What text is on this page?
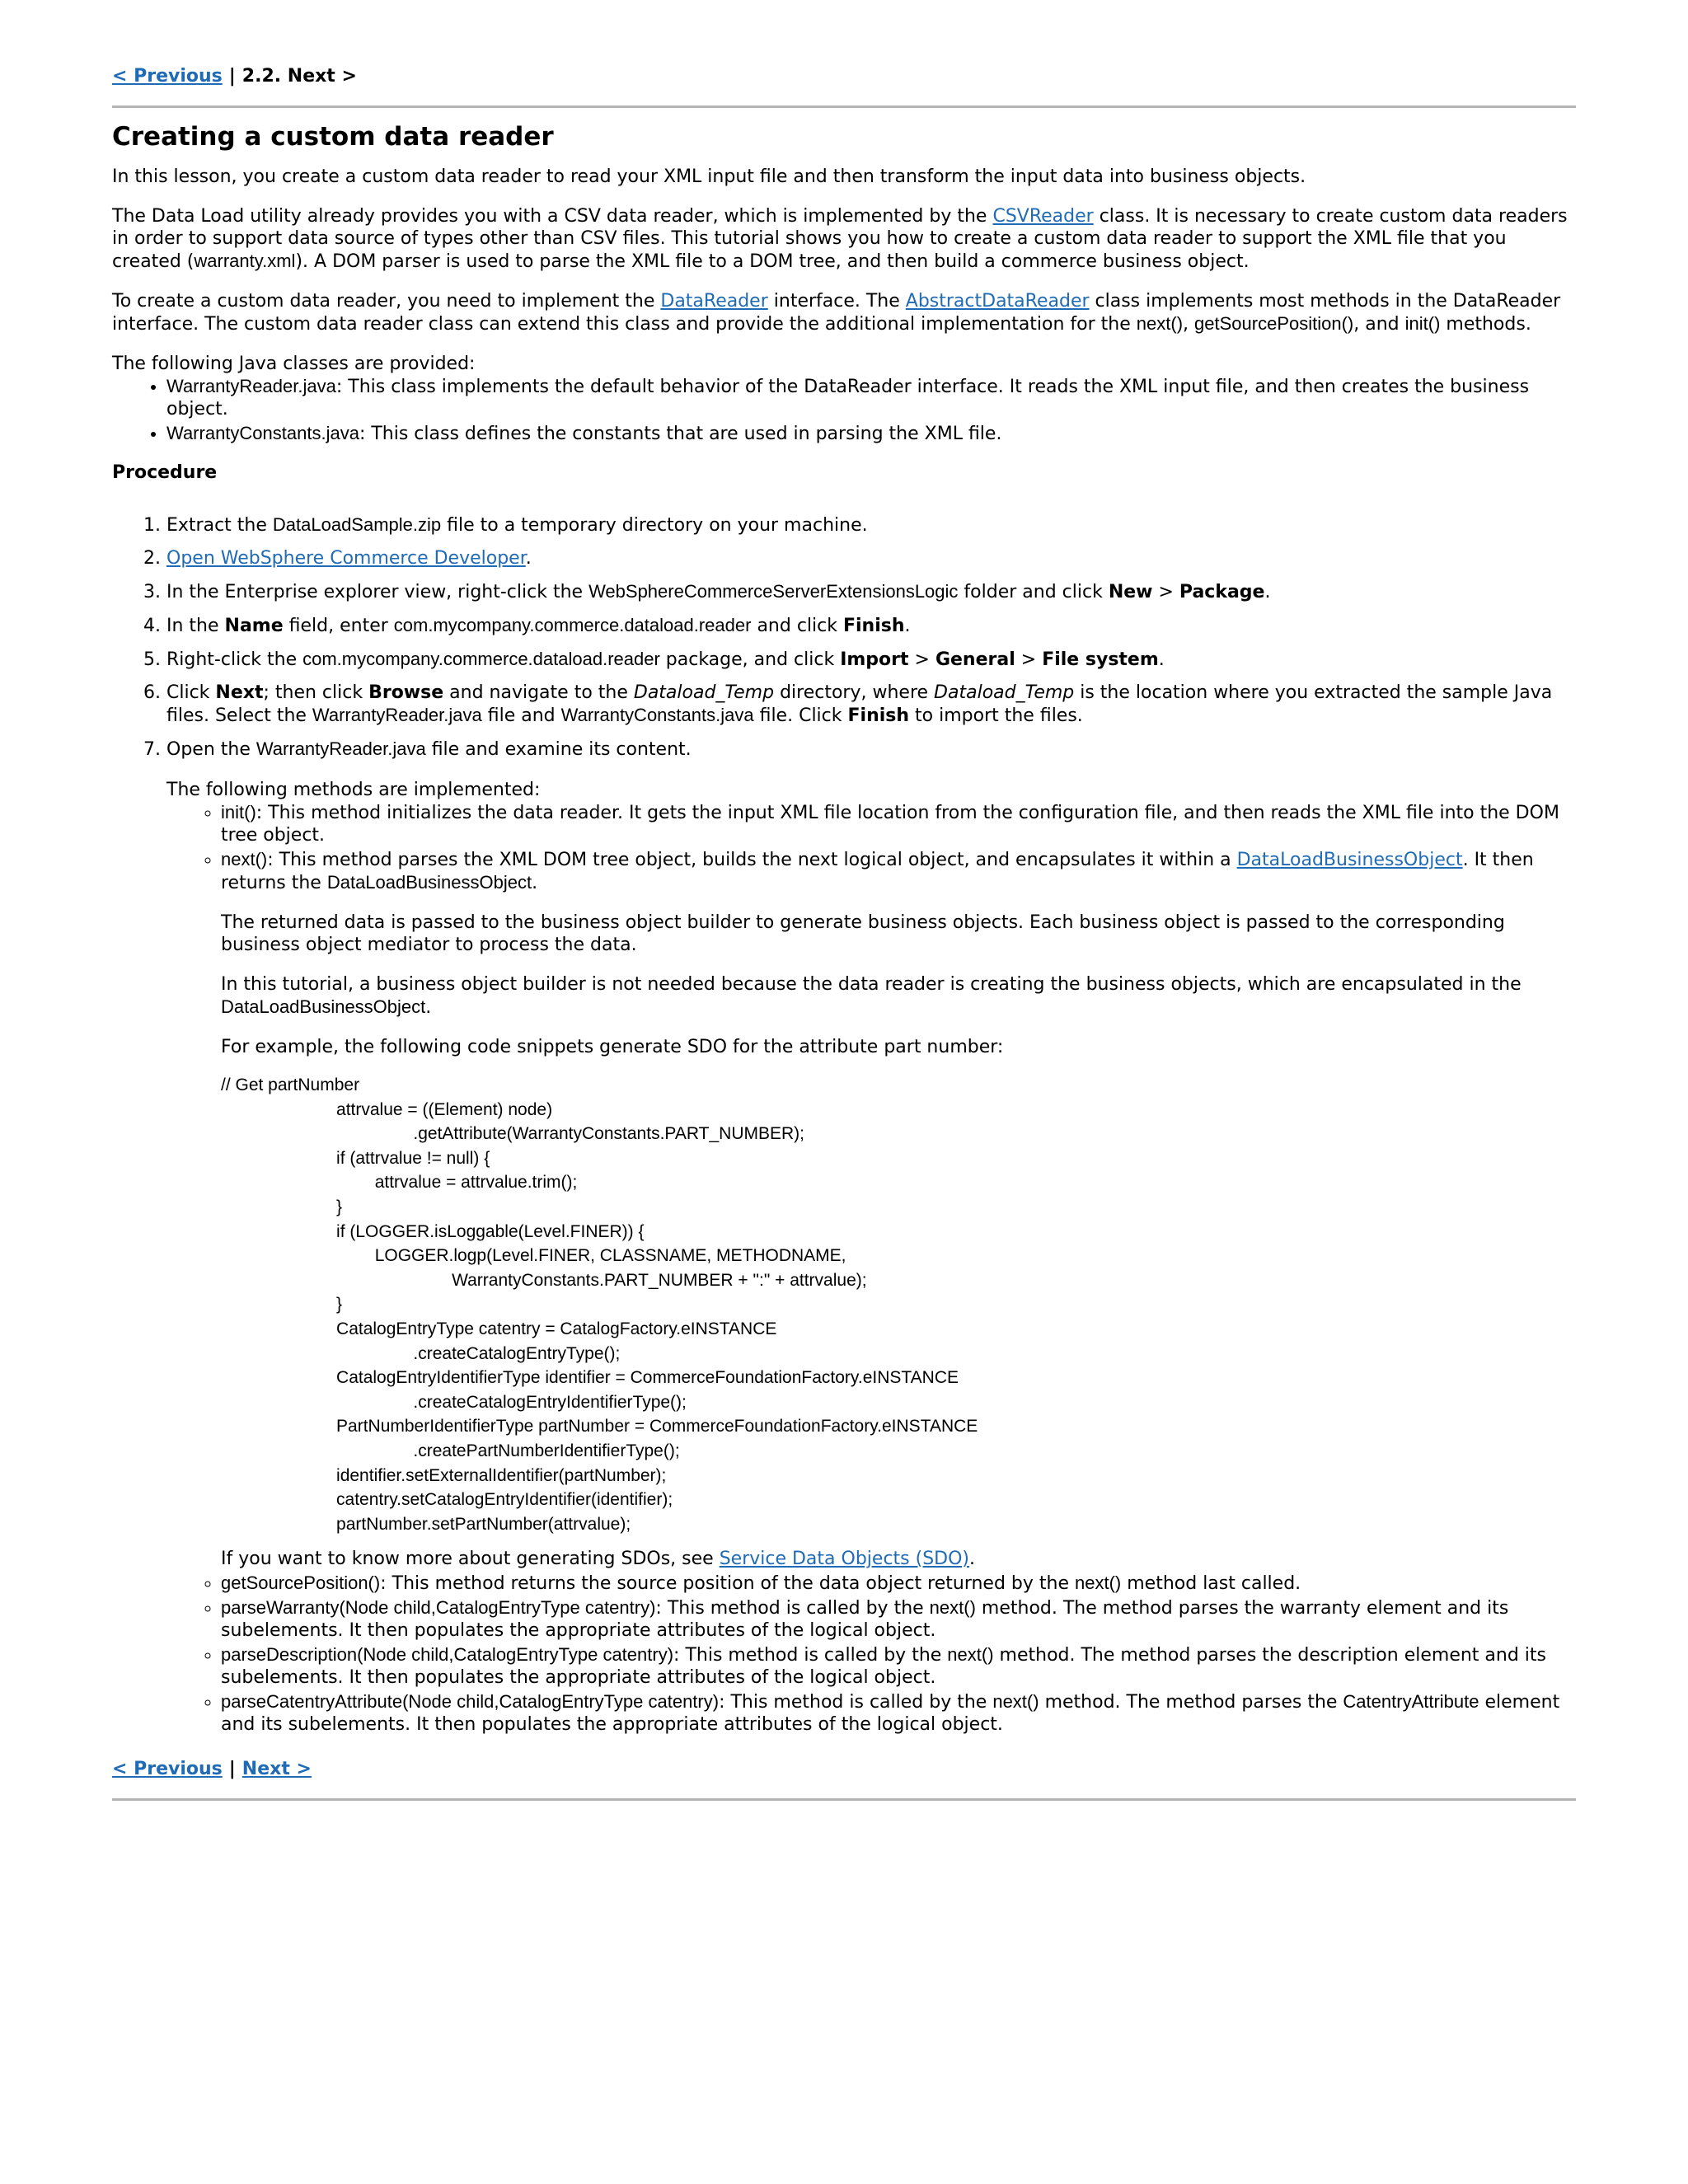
< Previous | 2.2. Next >
Creating a custom data reader

In this lesson, you create a custom data reader to read your XML input file and then transform the input data into business objects.

The Data Load utility already provides you with a CSV data reader, which is implemented by the CSVReader class. It is necessary to create custom data readers in order to support data source of types other than CSV files. This tutorial shows you how to create a custom data reader to support the XML file that you created (warranty.xml). A DOM parser is used to parse the XML file to a DOM tree, and then build a commerce business object.

To create a custom data reader, you need to implement the DataReader interface. The AbstractDataReader class implements most methods in the DataReader interface. The custom data reader class can extend this class and provide the additional implementation for the next(), getSourcePosition(), and init() methods.

The following Java classes are provided:
• WarrantyReader.java: This class implements the default behavior of the DataReader interface. It reads the XML input file, and then creates the business object.
• WarrantyConstants.java: This class defines the constants that are used in parsing the XML file.
Procedure
1. Extract the DataLoadSample.zip file to a temporary directory on your machine.
2. Open WebSphere Commerce Developer.
3. In the Enterprise explorer view, right-click the WebSphereCommerceServerExtensionsLogic folder and click New > Package.
4. In the Name field, enter com.mycompany.commerce.dataload.reader and click Finish.
5. Right-click the com.mycompany.commerce.dataload.reader package, and click Import > General > File system.
6. Click Next; then click Browse and navigate to the Dataload_Temp directory, where Dataload_Temp is the location where you extracted the sample Java files. Select the WarrantyReader.java file and WarrantyConstants.java file. Click Finish to import the files.
7. Open the WarrantyReader.java file and examine its content.
The following methods are implemented:
◦ init(): This method initializes the data reader. It gets the input XML file location from the configuration file, and then reads the XML file into the DOM tree object.
◦ next(): This method parses the XML DOM tree object, builds the next logical object, and encapsulates it within a DataLoadBusinessObject. It then returns the DataLoadBusinessObject.

The returned data is passed to the business object builder to generate business objects. Each business object is passed to the corresponding business object mediator to process the data.

In this tutorial, a business object builder is not needed because the data reader is creating the business objects, which are encapsulated in the DataLoadBusinessObject.

For example, the following code snippets generate SDO for the attribute part number:

// Get partNumber
			attrvalue = ((Element) node)
					.getAttribute(WarrantyConstants.PART_NUMBER);
			if (attrvalue != null) {
				attrvalue = attrvalue.trim();
			}
			if (LOGGER.isLoggable(Level.FINER)) {
				LOGGER.logp(Level.FINER, CLASSNAME, METHODNAME,
						WarrantyConstants.PART_NUMBER + ":" + attrvalue);
			}
			CatalogEntryType catentry = CatalogFactory.eINSTANCE
					.createCatalogEntryType();
			CatalogEntryIdentifierType identifier = CommerceFoundationFactory.eINSTANCE
					.createCatalogEntryIdentifierType();
			PartNumberIdentifierType partNumber = CommerceFoundationFactory.eINSTANCE
					.createPartNumberIdentifierType();
			identifier.setExternalIdentifier(partNumber);
			catentry.setCatalogEntryIdentifier(identifier);
			partNumber.setPartNumber(attrvalue);
If you want to know more about generating SDOs, see Service Data Objects (SDO).
◦ getSourcePosition(): This method returns the source position of the data object returned by the next() method last called.
◦ parseWarranty(Node child,CatalogEntryType catentry): This method is called by the next() method. The method parses the warranty element and its subelements. It then populates the appropriate attributes of the logical object.
◦ parseDescription(Node child,CatalogEntryType catentry): This method is called by the next() method. The method parses the description element and its subelements. It then populates the appropriate attributes of the logical object.
◦ parseCatentryAttribute(Node child,CatalogEntryType catentry): This method is called by the next() method. The method parses the CatentryAttribute element and its subelements. It then populates the appropriate attributes of the logical object.
< Previous | Next >
